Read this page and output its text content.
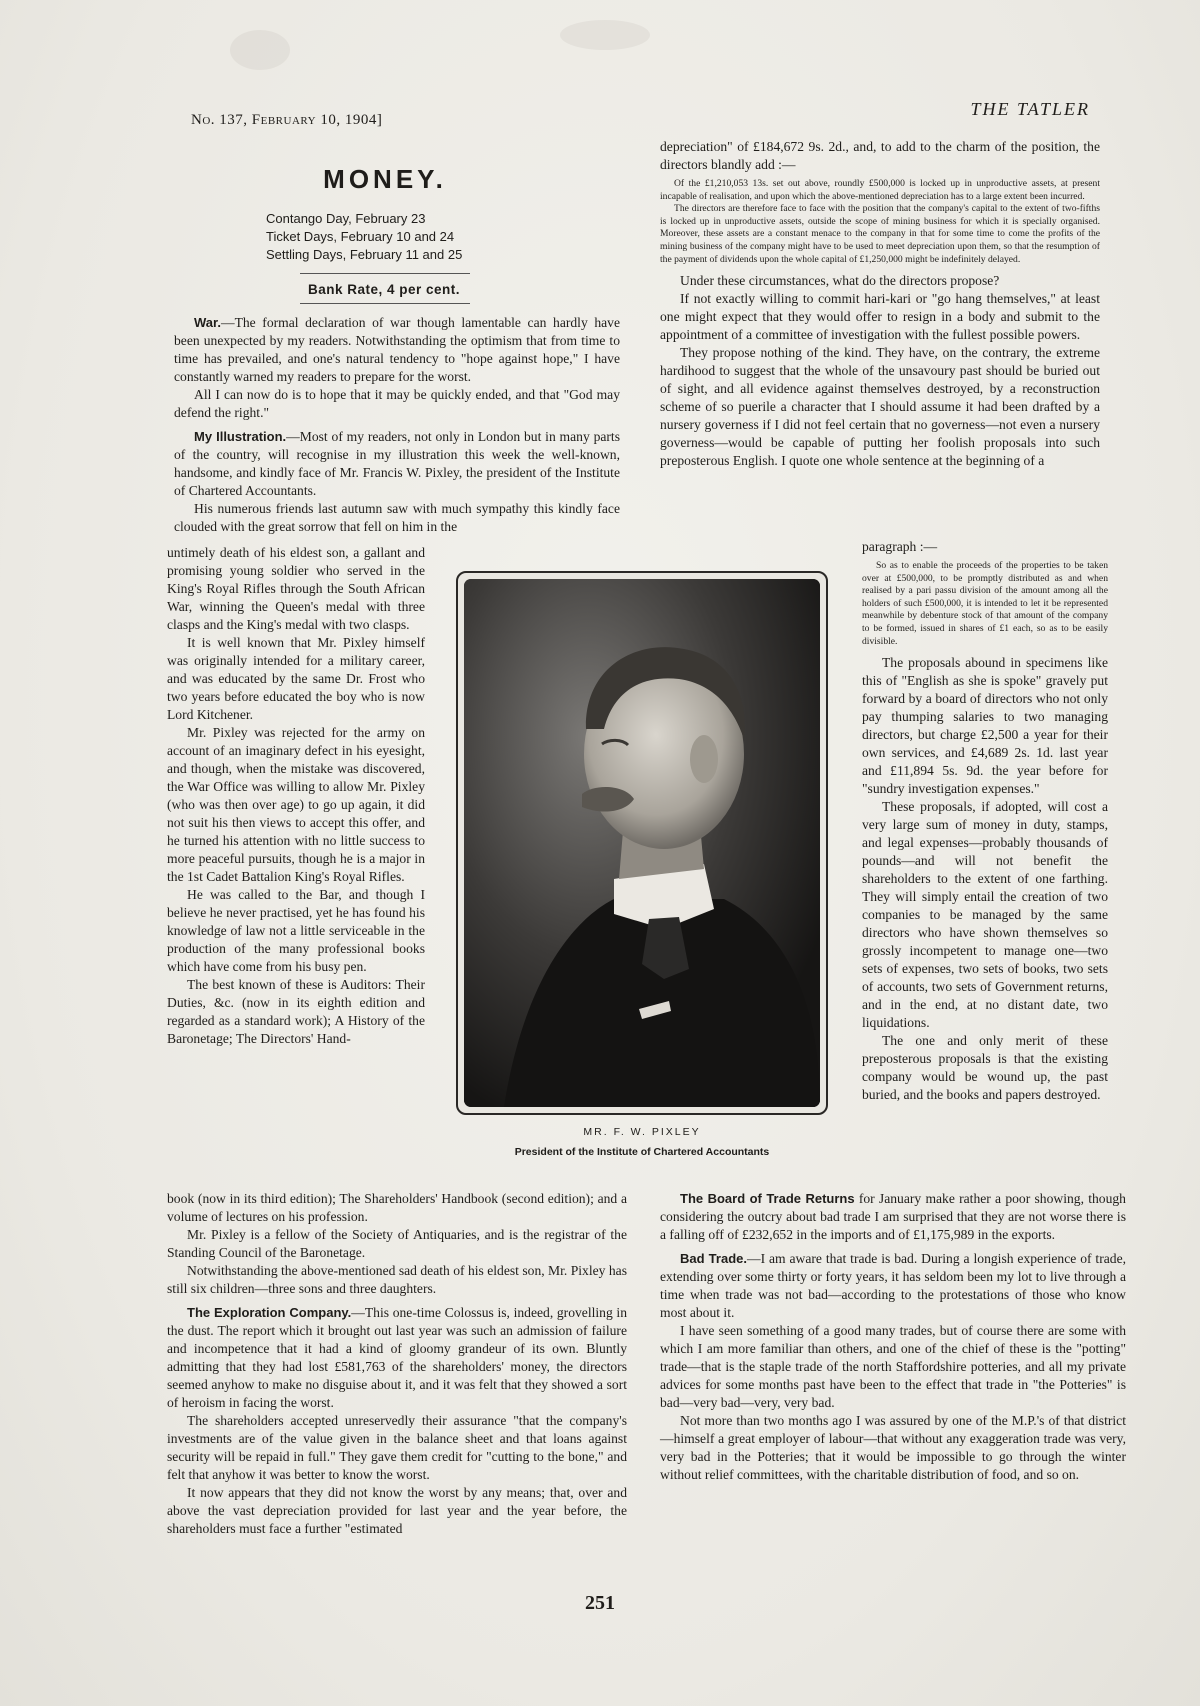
No. 137, February 10, 1904]
THE TATLER
MONEY.
Contango Day, February 23
Ticket Days, February 10 and 24
Settling Days, February 11 and 25
Bank Rate, 4 per cent.

War.—The formal declaration of war though lamentable can hardly have been unexpected by my readers. Notwithstanding the optimism that from time to time has prevailed, and one's natural tendency to "hope against hope," I have constantly warned my readers to prepare for the worst.

All I can now do is to hope that it may be quickly ended, and that "God may defend the right."

My Illustration.—Most of my readers, not only in London but in many parts of the country, will recognise in my illustration this week the well-known, handsome, and kindly face of Mr. Francis W. Pixley, the president of the Institute of Chartered Accountants.

His numerous friends last autumn saw with much sympathy this kindly face clouded with the great sorrow that fell on him in the

untimely death of his eldest son, a gallant and promising young soldier who served in the King's Royal Rifles through the South African War, winning the Queen's medal with three clasps and the King's medal with two clasps.

It is well known that Mr. Pixley himself was originally intended for a military career, and was educated by the same Dr. Frost who two years before educated the boy who is now Lord Kitchener.

Mr. Pixley was rejected for the army on account of an imaginary defect in his eyesight, and though, when the mistake was discovered, the War Office was willing to allow Mr. Pixley (who was then over age) to go up again, it did not suit his then views to accept this offer, and he turned his attention with no little success to more peaceful pursuits, though he is a major in the 1st Cadet Battalion King's Royal Rifles.

He was called to the Bar, and though I believe he never practised, yet he has found his knowledge of law not a little serviceable in the production of the many professional books which have come from his busy pen.

The best known of these is Auditors: Their Duties, &c. (now in its eighth edition and regarded as a standard work); A History of the Baronetage; The Directors' Hand-

book (now in its third edition); The Shareholders' Handbook (second edition); and a volume of lectures on his profession.

Mr. Pixley is a fellow of the Society of Antiquaries, and is the registrar of the Standing Council of the Baronetage.

Notwithstanding the above-mentioned sad death of his eldest son, Mr. Pixley has still six children—three sons and three daughters.

The Exploration Company.—This one-time Colossus is, indeed, grovelling in the dust. The report which it brought out last year was such an admission of failure and incompetence that it had a kind of gloomy grandeur of its own. Bluntly admitting that they had lost £581,763 of the shareholders' money, the directors seemed anyhow to make no disguise about it, and it was felt that they showed a sort of heroism in facing the worst.

The shareholders accepted unreservedly their assurance "that the company's investments are of the value given in the balance sheet and that loans against security will be repaid in full." They gave them credit for "cutting to the bone," and felt that anyhow it was better to know the worst.

It now appears that they did not know the worst by any means; that, over and above the vast depreciation provided for last year and the year before, the shareholders must face a further "estimated

depreciation" of £184,672 9s. 2d., and, to add to the charm of the position, the directors blandly add :—

Of the £1,210,053 13s. set out above, roundly £500,000 is locked up in unproductive assets, at present incapable of realisation, and upon which the above-mentioned depreciation has to a large extent been incurred.

The directors are therefore face to face with the position that the company's capital to the extent of two-fifths is locked up in unproductive assets, outside the scope of mining business for which it is specially organised. Moreover, these assets are a constant menace to the company in that for some time to come the profits of the mining business of the company might have to be used to meet depreciation upon them, so that the resumption of the payment of dividends upon the whole capital of £1,250,000 might be indefinitely delayed.

Under these circumstances, what do the directors propose?

If not exactly willing to commit hari-kari or "go hang themselves," at least one might expect that they would offer to resign in a body and submit to the appointment of a committee of investigation with the fullest possible powers.

They propose nothing of the kind. They have, on the contrary, the extreme hardihood to suggest that the whole of the unsavoury past should be buried out of sight, and all evidence against themselves destroyed, by a reconstruction scheme of so puerile a character that I should assume it had been drafted by a nursery governess if I did not feel certain that no governess—not even a nursery governess—would be capable of putting her foolish proposals into such preposterous English. I quote one whole sentence at the beginning of a

paragraph :—

So as to enable the proceeds of the properties to be taken over at £500,000, to be promptly distributed as and when realised by a pari passu division of the amount among all the holders of such £500,000, it is intended to let it be represented meanwhile by debenture stock of that amount of the company to be formed, issued in shares of £1 each, so as to be easily divisible.

The proposals abound in specimens like this of "English as she is spoke" gravely put forward by a board of directors who not only pay thumping salaries to two managing directors, but charge £2,500 a year for their own services, and £4,689 2s. 1d. last year and £11,894 5s. 9d. the year before for "sundry investigation expenses."

These proposals, if adopted, will cost a very large sum of money in duty, stamps, and legal expenses—probably thousands of pounds—and will not benefit the shareholders to the extent of one farthing. They will simply entail the creation of two companies to be managed by the same directors who have shown themselves so grossly incompetent to manage one—two sets of expenses, two sets of books, two sets of accounts, two sets of Government returns, and in the end, at no distant date, two liquidations.

The one and only merit of these preposterous proposals is that the existing company would be wound up, the past buried, and the books and papers destroyed.

The Board of Trade Returns for January make rather a poor showing, though considering the outcry about bad trade I am surprised that they are not worse there is a falling off of £232,652 in the imports and of £1,175,989 in the exports.

Bad Trade.—I am aware that trade is bad. During a longish experience of trade, extending over some thirty or forty years, it has seldom been my lot to live through a time when trade was not bad—according to the protestations of those who know most about it.

I have seen something of a good many trades, but of course there are some with which I am more familiar than others, and one of the chief of these is the "potting" trade—that is the staple trade of the north Staffordshire potteries, and all my private advices for some months past have been to the effect that trade in "the Potteries" is bad—very bad—very, very bad.

Not more than two months ago I was assured by one of the M.P.'s of that district—himself a great employer of labour—that without any exaggeration trade was very, very bad in the Potteries; that it would be impossible to go through the winter without relief committees, with the charitable distribution of food, and so on.

MR. F. W. PIXLEY
President of the Institute of Chartered Accountants
251
